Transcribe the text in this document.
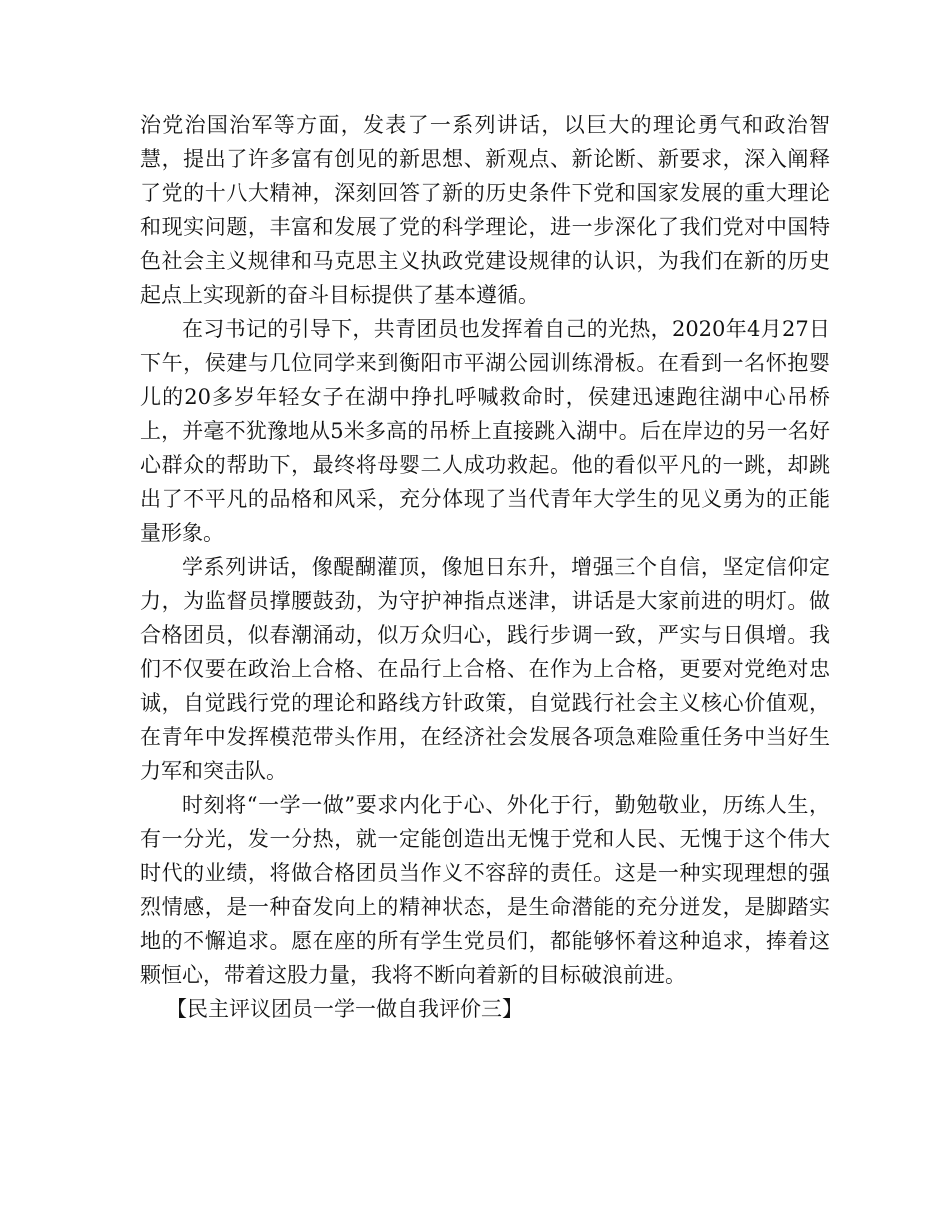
治党治国治军等方面，发表了一系列讲话，以巨大的理论勇气和政治智慧，提出了许多富有创见的新思想、新观点、新论断、新要求，深入阐释了党的十八大精神，深刻回答了新的历史条件下党和国家发展的重大理论和现实问题，丰富和发展了党的科学理论，进一步深化了我们党对中国特色社会主义规律和马克思主义执政党建设规律的认识，为我们在新的历史起点上实现新的奋斗目标提供了基本遵循。

在习书记的引导下，共青团员也发挥着自己的光热，2020年4月27日下午，侯建与几位同学来到衡阳市平湖公园训练滑板。在看到一名怀抱婴儿的20多岁年轻女子在湖中挣扎呼喊救命时，侯建迅速跑往湖中心吊桥上，并毫不犹豫地从5米多高的吊桥上直接跳入湖中。后在岸边的另一名好心群众的帮助下，最终将母婴二人成功救起。他的看似平凡的一跳，却跳出了不平凡的品格和风采，充分体现了当代青年大学生的见义勇为的正能量形象。

学系列讲话，像醍醐灌顶，像旭日东升，增强三个自信，坚定信仰定力，为监督员撑腰鼓劲，为守护神指点迷津，讲话是大家前进的明灯。做合格团员，似春潮涌动，似万众归心，践行步调一致，严实与日俱增。我们不仅要在政治上合格、在品行上合格、在作为上合格，更要对党绝对忠诚，自觉践行党的理论和路线方针政策，自觉践行社会主义核心价值观，在青年中发挥模范带头作用，在经济社会发展各项急难险重任务中当好生力军和突击队。

时刻将“一学一做”要求内化于心、外化于行，勤勉敬业，历练人生，有一分光，发一分热，就一定能创造出无愧于党和人民、无愧于这个伟大时代的业绩，将做合格团员当作义不容辞的责任。这是一种实现理想的强烈情感，是一种奋发向上的精神状态，是生命潜能的充分迸发，是脚踏实地的不懈追求。愿在座的所有学生党员们，都能够怀着这种追求，捧着这颗恒心，带着这股力量，我将不断向着新的目标破浪前进。

【民主评议团员一学一做自我评价三】
